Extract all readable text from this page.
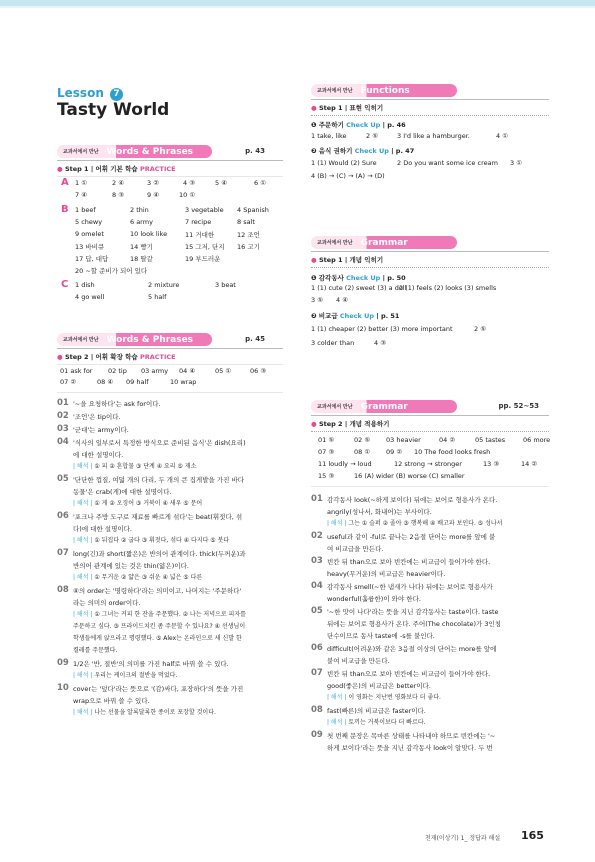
Lesson 7
Tasty World
교과서에서 만난 Words & Phrases	p. 43
● Step 1 | 어휘 기본 학습 PRACTICE
A 1 ①	2 ④	3 ②	4 ③	5 ④	6 ①
7 ④	8 ③	9 ④	10 ①
B 1 beef	2 thin	3 vegetable 4 Spanish
5 chewy	6 army	7 recipe	8 salt
9 omelet	10 look like	11 거대한	12 조언
13 바비큐	14 빵기	15 그저, 단지 16 고기
17 답, 대답	18 딸같	19 부드러운
20 ~할 준비가 되어 있다
C 1 dish	2 mixture	3 beat
4 go well	5 half
교과서에서 만난 Words & Phrases	p. 45
● Step 2 | 어휘 확장 학습 PRACTICE
01 ask for 02 tip 03 army 04 ④	05 ①	06 ③
07 ②	08 ④ 09 half	10 wrap
01 '~을 요청하다'는 ask for이다.
02 '조언'은 tip이다.
03 '군대'는 army이다.
04 '식사의 일부로서 특정한 방식으로 준비된 음식'은 dish(요리)
에 대한 설명이다.
| 해석 | ① 피 ② 혼합물 ③ 단계 ④ 요리 ⑤ 재소
05 '단단한 껍질, 여덟 개의 다리, 두 개의 큰 집게발을 가진 바다
동물'은 crab(게)에 대한 설명이다.
| 해석 | ① 게 ② 오징어 ③ 거북이 ④ 새우 ⑤ 문어
06 '포크나 주방 도구로 재료를 빠르게 섞다'는 beat(휘젓다, 섞
다)에 대한 설명이다.
| 해석 | ① 뒤집다 ② 굽다 ③ 휘젓다, 섞다 ④ 다지다 ⑤ 붓다
07 long(긴)과 short(짧은)은 반의어 관계이다. thick(두꺼운)과
반의어 관계에 있는 것은 thin(얇은)이다.
| 해석 | ① 무거운 ② 얇은 ③ 쉬운 ④ 넓은 ⑤ 다른
08 ④의 order는 '명령하다'라는 의미이고, 나머지는 '주문하다'
라는 의미의 order이다.
| 해석 | ① 그녀는 커피 한 잔을 주문했다. ② 나는 저녁으로 피자를
주문하고 싶다. ③ 프라이드치킨 좀 주문할 수 있나요? ④ 선생님이
학생들에게 앉으라고 명령했다. ⑤ Alex는 온라인으로 새 신발 한
켤레를 주문했다.
09 1/2은 '반, 절반'의 의미를 가진 half로 바꿔 쓸 수 있다.
| 해석 | 우리는 케이크의 절반을 먹었다.
10 cover는 '덮다'라는 뜻으로 '(감)싸다, 포장하다'의 뜻을 가진
wrap으로 바꿔 쓸 수 있다.
| 해석 | 나는 선물을 알록달록한 종이로 포장할 것이다.
교과서에서 만난 Functions
● Step 1 | 표현 익히기
❶ 주문하기 Check Up | p. 46
1 take, like	2 ⑤	3 I'd like a hamburger.	4 ①
❷ 음식 권하기 Check Up | p. 47
1 (1) Would (2) Sure	2 Do you want some ice cream 3 ①
4 (B) → (C) → (A) → (D)
교과서에서 만난 Grammar
● Step 1 | 개념 익히기
❶ 감각동사 Check Up | p. 50
1 (1) cute (2) sweet (3) a doll
2 (1) feels (2) looks (3) smells
3 ⑤ 4 ④
❷ 비교급 Check Up | p. 51
1 (1) cheaper (2) better (3) more important	2 ⑤
3 colder than	4 ③
교과서에서 만난 Grammar	pp. 52~53
● Step 2 | 개념 적용하기
01 ⑤	02 ⑤ 03 heavier	04 ②	05 tastes	06 more
07 ③	08 ① 09 ② 10 The food looks fresh
11 loudly → loud	12 strong → stronger	13 ③	14 ②
15 ③	16 (A) wider (B) worse (C) smaller
01 감각동사 look(~하게 보이다) 뒤에는 보어로 형용사가 온다.
angrily(성나서, 화내어)는 부사이다.
| 해석 | 그는 ① 슬퍼 ② 졸아 ③ 행복해 ④ 배고파 보인다. ⑤ 성나서
02 useful과 같이 -ful로 끝나는 2음절 단어는 more를 앞에 붙
여 비교급을 만든다.
03 빈칸 뒤 than으로 보아 빈칸에는 비교급이 들어가야 한다.
heavy(무거운)의 비교급은 heavier이다.
04 감각동사 smell(~한 냄새가 나다) 뒤에는 보어로 형용사가
wonderful(훌륭한)이 와야 한다.
05 '~한 맛이 나다'라는 뜻을 지닌 감각동사는 taste이다. taste
뒤에는 보어로 형용사가 온다. 주어(The chocolate)가 3인칭
단수이므로 동사 taste에 -s를 붙인다.
06 difficult(어려운)와 같은 3음절 이상의 단어는 more를 앞에
붙여 비교급을 만든다.
07 빈칸 뒤 than으로 보아 빈칸에는 비교급이 들어가야 한다.
good(좋은)의 비교급은 better이다.
| 해석 | 이 영화는 지난번 영화보다 더 좋다.
08 fast(빠른)의 비교급은 faster이다.
| 해석 | 토끼는 거북이보다 더 빠르다.
09 첫 번째 문장은 목마른 상태를 나타내야 하므로 빈칸에는 '~
하게 보이다'라는 뜻을 지닌 감각동사 look이 알맞다. 두 번
천재(이상기) 1_ 정답과 해설 165
